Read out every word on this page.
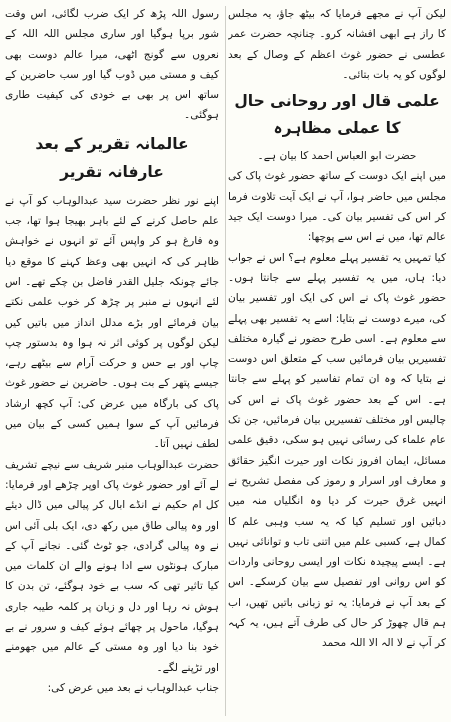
لیکن آپ نے مجھے فرمایا کہ بیٹھ جاؤ، یہ مجلس کا راز ہے ابھی افشانہ کرو۔ چنانچہ حضرت عمر عطسی نے حضور غوث اعظم کے وصال کے بعد لوگوں کو یہ بات بتائی۔

علمی قال اور روحانی حال کا عملی مظاہرہ

حضرت ابو العباس احمد کا بیان ہے۔

میں اپنے ایک دوست کے ساتھ حضور غوث پاک کی مجلس میں حاضر ہوا، آپ نے ایک آیت تلاوت فرما کر اس کی تفسیر بیان کی۔ میرا دوست ایک جید عالم تھا، میں نے اس سے پوچھا:

کیا تمہیں یہ تفسیر پہلے معلوم ہے؟ اس نے جواب دیا: ہاں، میں یہ تفسیر پہلے سے جانتا ہوں۔ حضور غوث پاک نے اس کی ایک اور تفسیر بیان کی، میرے دوست نے بتایا: اسے یہ تفسیر بھی پہلے سے معلوم ہے۔ اسی طرح حضور نے گیارہ مختلف تفسیریں بیان فرمائیں سب کے متعلق اس دوست نے بتایا کہ وہ ان تمام تفاسیر کو پہلے سے جانتا ہے۔ اس کے بعد حضور غوث پاک نے اس کی چالیس اور مختلف تفسیریں بیان فرمائیں، جن تک عام علماء کی رسائی نہیں ہو سکی، دقیق علمی مسائل، ایمان افروز نکات اور حیرت انگیز حقائق و معارف اور اسرار و رموز کی مفصل تشریح نے انہیں غرق حیرت کر دیا وہ انگلیاں منہ میں دبائیں اور تسلیم کیا کہ یہ سب وہبی علم کا کمال ہے، کسبی علم میں اتنی تاب و توانائی نہیں ہے۔ ایسے پیچیدہ نکات اور ایسی روحانی واردات کو اس روانی اور تفصیل سے بیان کرسکے۔ اس کے بعد آپ نے فرمایا: یہ تو زبانی باتیں تھیں، اب ہم قال چھوڑ کر حال کی طرف آتے ہیں، یہ کہہ کر آپ نے لا الہ الا اللہ محمد

رسول اللہ پڑھ کر ایک ضرب لگائی، اس وقت شور برپا ہوگیا اور ساری مجلس اللہ اللہ کے نعروں سے گونج اٹھی، میرا عالم دوست بھی کیف و مستی میں ڈوب گیا اور سب حاضرین کے ساتھ اس پر بھی بے خودی کی کیفیت طاری ہوگئی۔

عالمانہ تقریر کے بعد عارفانہ تقریر

اپنے نور نظر حضرت سید عبدالوہاب کو آپ نے علم حاصل کرنے کے لئے باہر بھیجا ہوا تھا، جب وہ فارغ ہو کر واپس آئے تو انہوں نے خواہش ظاہر کی کہ انہیں بھی وعظ کہنے کا موقع دیا جائے چونکہ جلیل القدر فاضل بن چکے تھے۔ اس لئے انہوں نے منبر پر چڑھ کر خوب علمی نکتے بیان فرمائے اور بڑے مدلل انداز میں باتیں کیں لیکن لوگوں پر کوئی اثر نہ ہوا وہ بدستور چپ چاپ اور بے حس و حرکت آرام سے بیٹھے رہے، جیسے پتھر کے بت ہوں۔ حاضرین نے حضور غوث پاک کی بارگاہ میں عرض کی: آپ کچھ ارشاد فرمائیں آپ کے سوا ہمیں کسی کے بیان میں لطف نہیں آتا۔

حضرت عبدالوہاب منبر شریف سے نیچے تشریف لے آئے اور حضور غوث پاک اوپر چڑھے اور فرمایا: کل ام حکیم نے انڈے ابال کر پیالی میں ڈال دیئے اور وہ پیالی طاق میں رکھ دی، ایک بلی آئی اس نے وہ پیالی گرادی، جو ٹوٹ گئی۔ نجانے آپ کے مبارک ہونٹوں سے ادا ہونے والے ان کلمات میں کیا تاثیر تھی کہ سب بے خود ہوگئے، تن بدن کا ہوش نہ رہا اور دل و زبان پر کلمہ طیبہ جاری ہوگیا، ماحول پر چھائے ہوئے کیف و سرور نے بے خود بنا دیا اور وہ مستی کے عالم میں جھومنے اور تڑپنے لگے۔

جناب عبدالوہاب نے بعد میں عرض کی:
